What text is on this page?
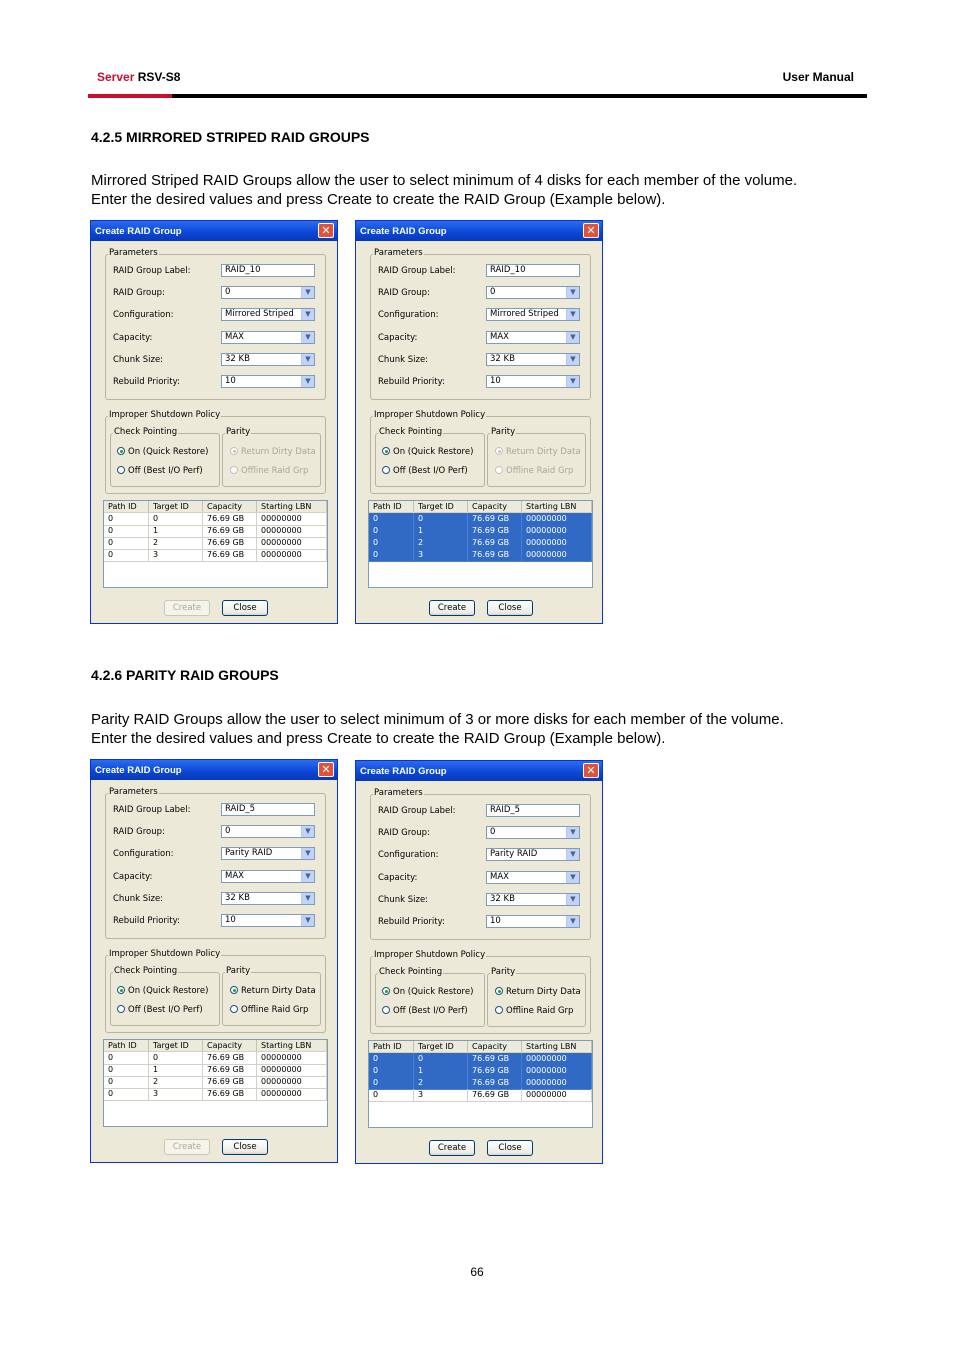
Server RSV-S8	User Manual
4.2.5 MIRRORED STRIPED RAID GROUPS
Mirrored Striped RAID Groups allow the user to select minimum of 4 disks for each member of the volume.
Enter the desired values and press Create to create the RAID Group (Example below).
4.2.6 PARITY RAID GROUPS
Parity RAID Groups allow the user to select minimum of 3 or more disks for each member of the volume.
Enter the desired values and press Create to create the RAID Group (Example below).
Create RAID Group	✕
Parameters
RAID Group Label:	RAID_10
RAID Group:	0	▼
Configuration:	Mirrored Striped	▼
Capacity:	MAX	▼
Chunk Size:	32 KB	▼
Rebuild Priority:	10	▼
Improper Shutdown Policy
Check Pointing
On (Quick Restore)
Off (Best I/O Perf)
Parity
Return Dirty Data
Offline Raid Grp
Path ID	Target ID	Capacity	Starting LBN
0	0	76.69 GB	00000000
0	1	76.69 GB	00000000
0	2	76.69 GB	00000000
0	3	76.69 GB	00000000
Create	Close
Create RAID Group	✕
Parameters
RAID Group Label:	RAID_10
RAID Group:	0	▼
Configuration:	Mirrored Striped	▼
Capacity:	MAX	▼
Chunk Size:	32 KB	▼
Rebuild Priority:	10	▼
Improper Shutdown Policy
Check Pointing
On (Quick Restore)
Off (Best I/O Perf)
Parity
Return Dirty Data
Offline Raid Grp
Path ID	Target ID	Capacity	Starting LBN
0	0	76.69 GB	00000000
0	1	76.69 GB	00000000
0	2	76.69 GB	00000000
0	3	76.69 GB	00000000
Create	Close
Create RAID Group	✕
Parameters
RAID Group Label:	RAID_5
RAID Group:	0	▼
Configuration:	Parity RAID	▼
Capacity:	MAX	▼
Chunk Size:	32 KB	▼
Rebuild Priority:	10	▼
Improper Shutdown Policy
Check Pointing
On (Quick Restore)
Off (Best I/O Perf)
Parity
Return Dirty Data
Offline Raid Grp
Path ID	Target ID	Capacity	Starting LBN
0	0	76.69 GB	00000000
0	1	76.69 GB	00000000
0	2	76.69 GB	00000000
0	3	76.69 GB	00000000
Create	Close
Create RAID Group	✕
Parameters
RAID Group Label:	RAID_5
RAID Group:	0	▼
Configuration:	Parity RAID	▼
Capacity:	MAX	▼
Chunk Size:	32 KB	▼
Rebuild Priority:	10	▼
Improper Shutdown Policy
Check Pointing
On (Quick Restore)
Off (Best I/O Perf)
Parity
Return Dirty Data
Offline Raid Grp
Path ID	Target ID	Capacity	Starting LBN
0	0	76.69 GB	00000000
0	1	76.69 GB	00000000
0	2	76.69 GB	00000000
0	3	76.69 GB	00000000
Create	Close
66
